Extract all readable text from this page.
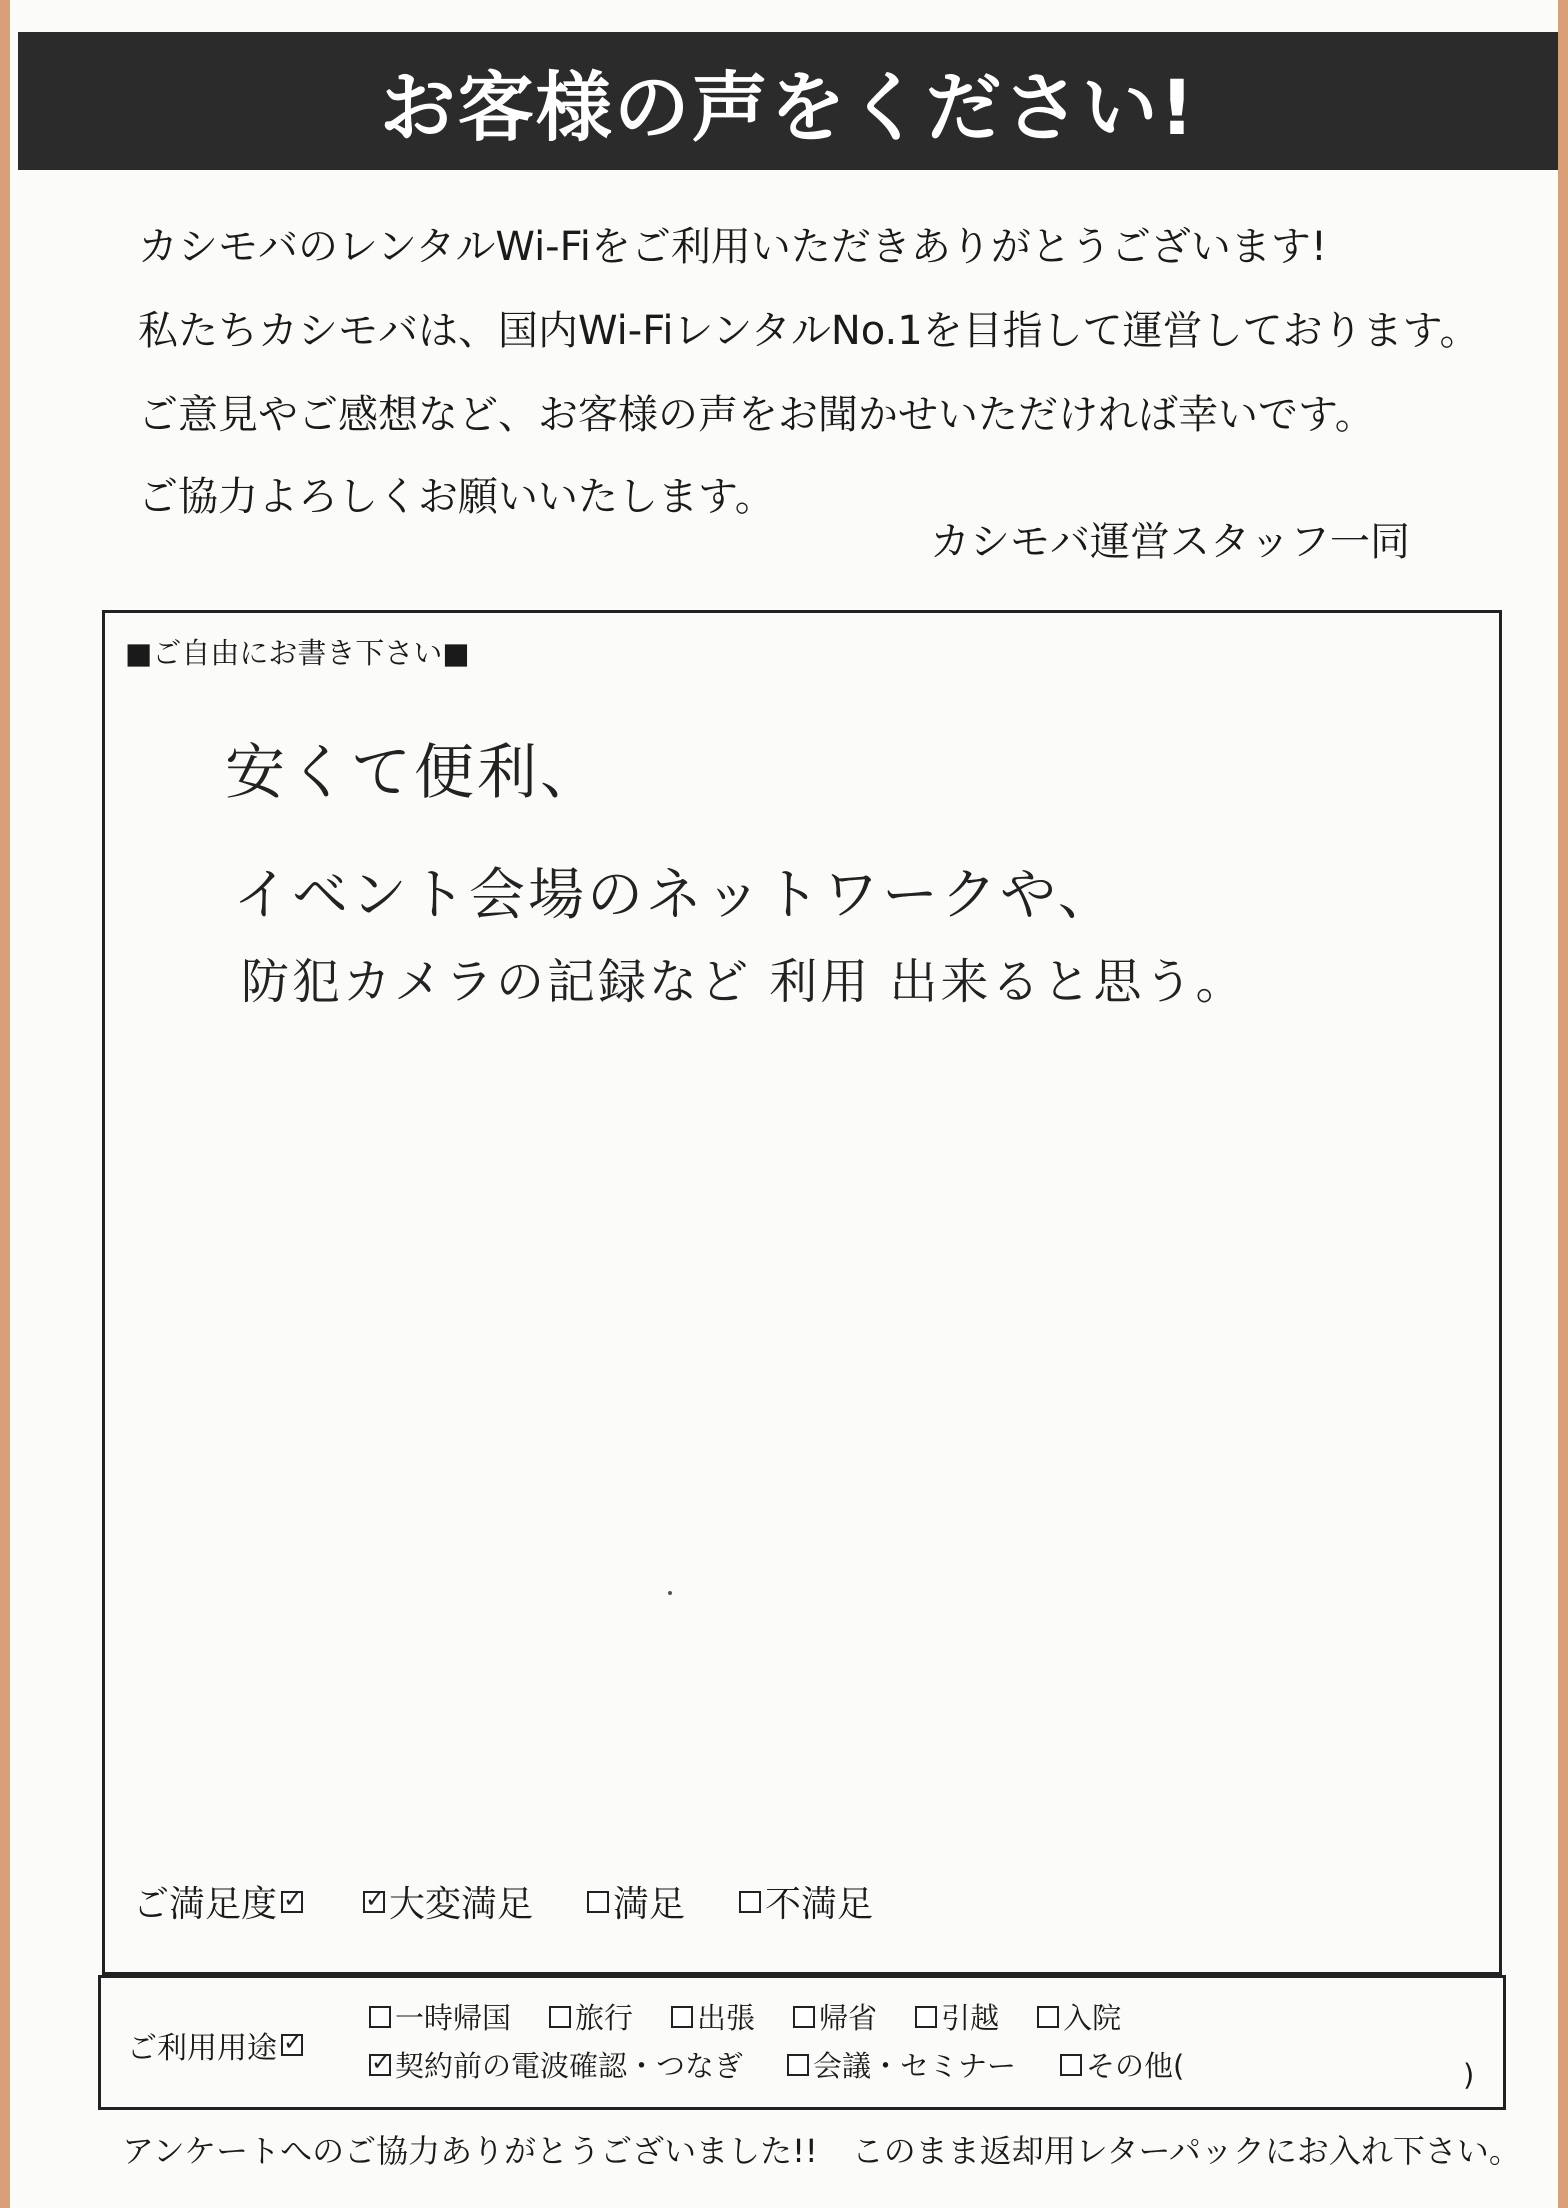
お客様の声をください!
カシモバのレンタルWi-Fiをご利用いただきありがとうございます!
私たちカシモバは、国内Wi-FiレンタルNo.1を目指して運営しております。
ご意見やご感想など、お客様の声をお聞かせいただければ幸いです。
ご協力よろしくお願いいたします。
カシモバ運営スタッフ一同
■ご自由にお書き下さい■
安くて便利、
イベント会場のネットワークや、
防犯カメラの記録など 利用 出来ると思う。
ご満足度 ✓ ✓	大変満足 満足 不満足
ご利用用途
✓
一時帰国 旅行 出張 帰省 引越 入院
✓
契約前の電波確認・つなぎ 会議・セミナー その他(	)
アンケートへのご協力ありがとうございました!! このまま返却用レターパックにお入れ下さい。
